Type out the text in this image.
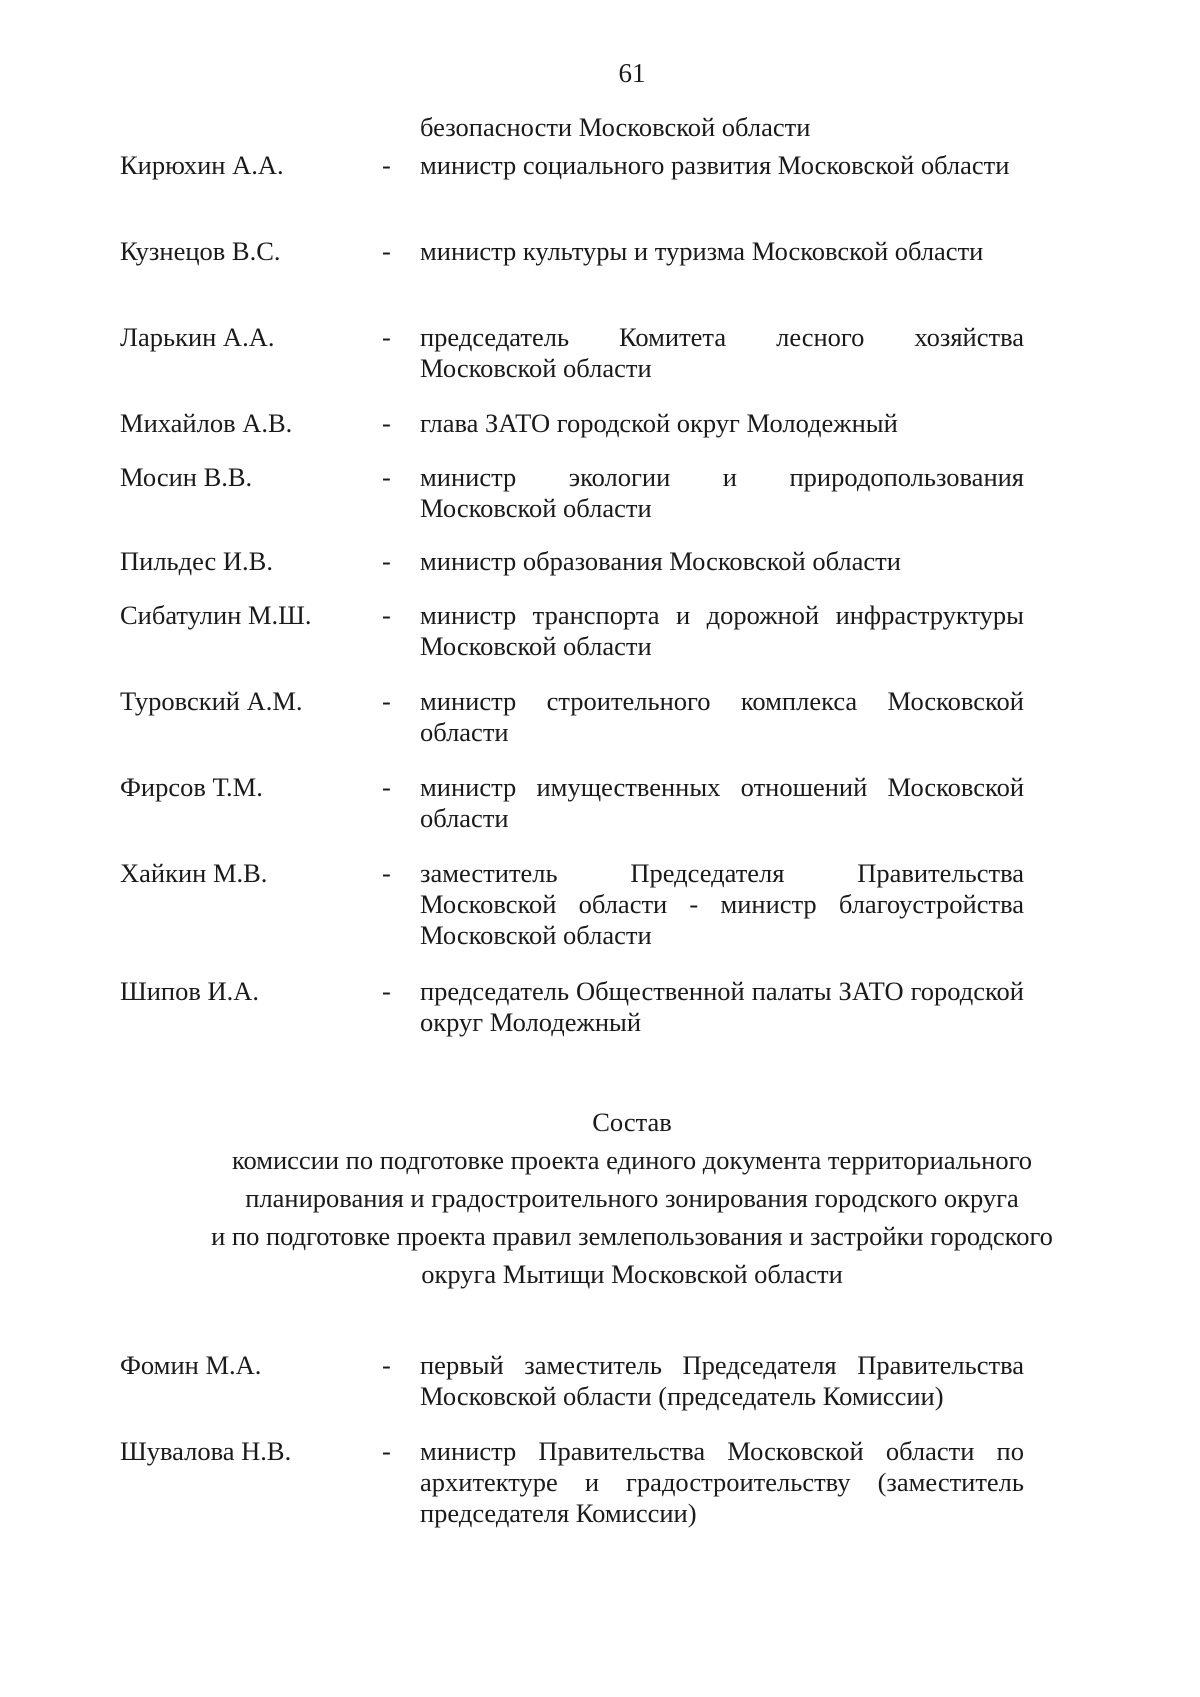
61
безопасности Московской области
Кирюхин А.А.	- министр социального развития Московской области
Кузнецов В.С.	- министр культуры и туризма Московской области
Ларькин А.А.	- председатель Комитета лесного хозяйства Московской области
Михайлов А.В.	- глава ЗАТО городской округ Молодежный
Мосин В.В.	- министр экологии и природопользования Московской области
Пильдес И.В.	- министр образования Московской области
Сибатулин М.Ш.	- министр транспорта и дорожной инфраструктуры Московской области
Туровский А.М.	- министр строительного комплекса Московской области
Фирсов Т.М.	- министр имущественных отношений Московской области
Хайкин М.В.	- заместитель Председателя Правительства Московской области - министр благоустройства Московской области
Шипов И.А.	- председатель Общественной палаты ЗАТО городской округ Молодежный
Состав
комиссии по подготовке проекта единого документа территориального
планирования и градостроительного зонирования городского округа
и по подготовке проекта правил землепользования и застройки городского
округа Мытищи Московской области
Фомин М.А.	- первый заместитель Председателя Правительства Московской области (председатель Комиссии)
Шувалова Н.В.	- министр Правительства Московской области по архитектуре и градостроительству (заместитель председателя Комиссии)
